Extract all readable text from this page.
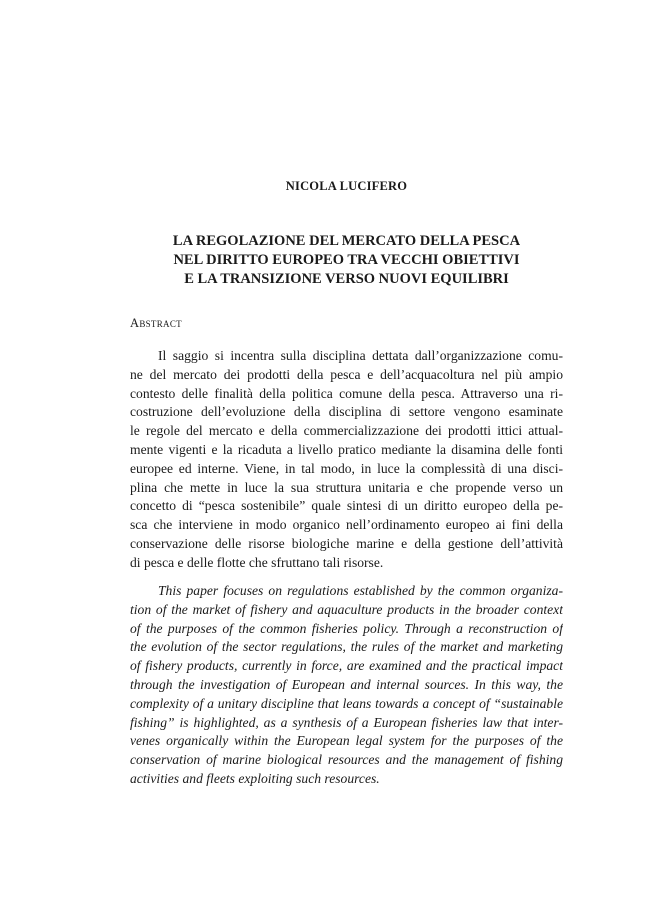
NICOLA LUCIFERO
LA REGOLAZIONE DEL MERCATO DELLA PESCA
NEL DIRITTO EUROPEO TRA VECCHI OBIETTIVI
E LA TRANSIZIONE VERSO NUOVI EQUILIBRI
Abstract
Il saggio si incentra sulla disciplina dettata dall’organizzazione comu-
ne del mercato dei prodotti della pesca e dell’acquacoltura nel più ampio
contesto delle finalità della politica comune della pesca. Attraverso una ri-
costruzione dell’evoluzione della disciplina di settore vengono esaminate
le regole del mercato e della commercializzazione dei prodotti ittici attual-
mente vigenti e la ricaduta a livello pratico mediante la disamina delle fonti
europee ed interne. Viene, in tal modo, in luce la complessità di una disci-
plina che mette in luce la sua struttura unitaria e che propende verso un
concetto di “pesca sostenibile” quale sintesi di un diritto europeo della pe-
sca che interviene in modo organico nell’ordinamento europeo ai fini della
conservazione delle risorse biologiche marine e della gestione dell’attività
di pesca e delle flotte che sfruttano tali risorse.
This paper focuses on regulations established by the common organiza-
tion of the market of fishery and aquaculture products in the broader context
of the purposes of the common fisheries policy. Through a reconstruction of
the evolution of the sector regulations, the rules of the market and marketing
of fishery products, currently in force, are examined and the practical impact
through the investigation of European and internal sources. In this way, the
complexity of a unitary discipline that leans towards a concept of “sustainable
fishing” is highlighted, as a synthesis of a European fisheries law that inter-
venes organically within the European legal system for the purposes of the
conservation of marine biological resources and the management of fishing
activities and fleets exploiting such resources.
